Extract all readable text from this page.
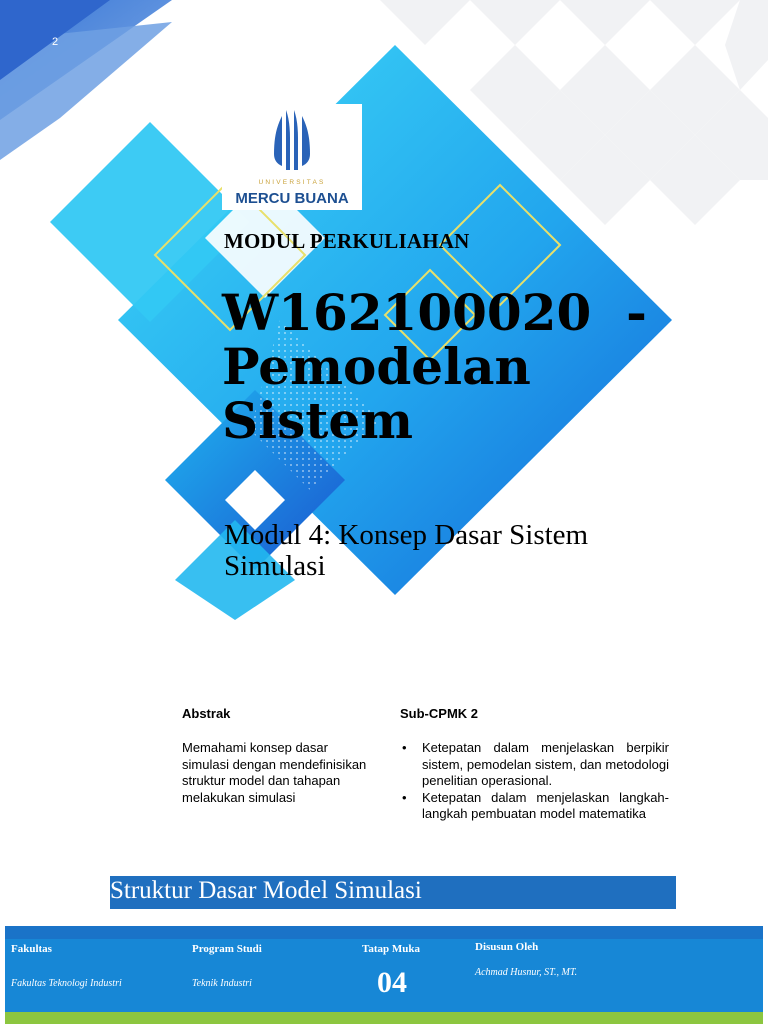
2
UNIVERSITAS
MERCU BUANA
MODUL PERKULIAHAN
W162100020  -
Pemodelan
Sistem
Modul 4: Konsep Dasar Sistem
Simulasi
Abstrak
Memahami konsep dasar simulasi dengan mendefinisikan struktur model dan tahapan melakukan simulasi
Sub-CPMK 2
• Ketepatan dalam menjelaskan berpikir sistem, pemodelan sistem, dan metodologi penelitian operasional.
• Ketepatan dalam menjelaskan langkah- langkah pembuatan model matematika
Struktur Dasar Model Simulasi
Fakultas
Fakultas Teknologi Industri
Program Studi
Teknik Industri
Tatap Muka
04
Disusun Oleh
Achmad Husnur, ST., MT.
